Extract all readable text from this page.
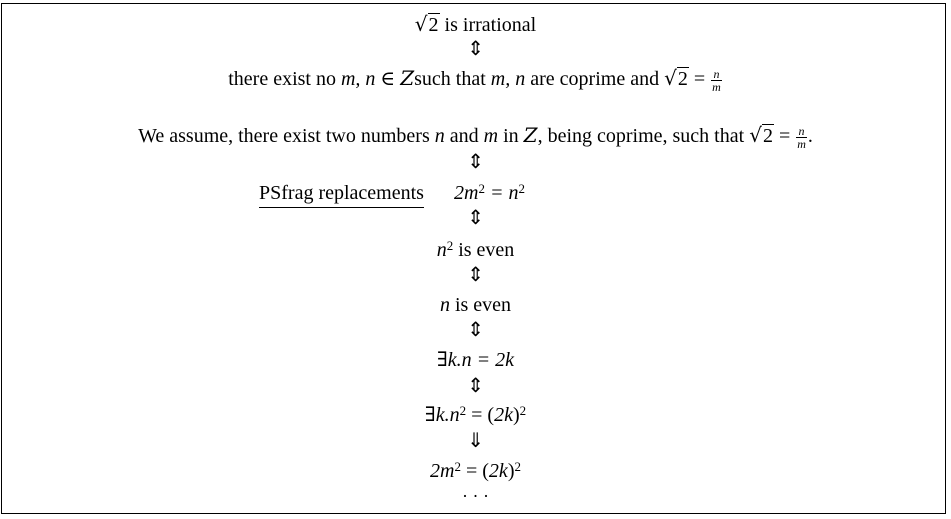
√2 is irrational
⇕
there exist no m, n ∈ Zsuch that m, n are coprime and $√2 = \frac{n}{m}$
We assume, there exist two numbers n and m in Z, being coprime, such that $√2 = \frac{n}{m}$ .
⇕
PSfrag replacements	$2m^2 = n^2$
⇕
$n^2$ is even
⇕
n is even
⇕
∃k.n = 2k
⇕
$\exists k.n^2 = (2k)^2$
⇓
$2m^2 = (2k)^2$
· · ·
